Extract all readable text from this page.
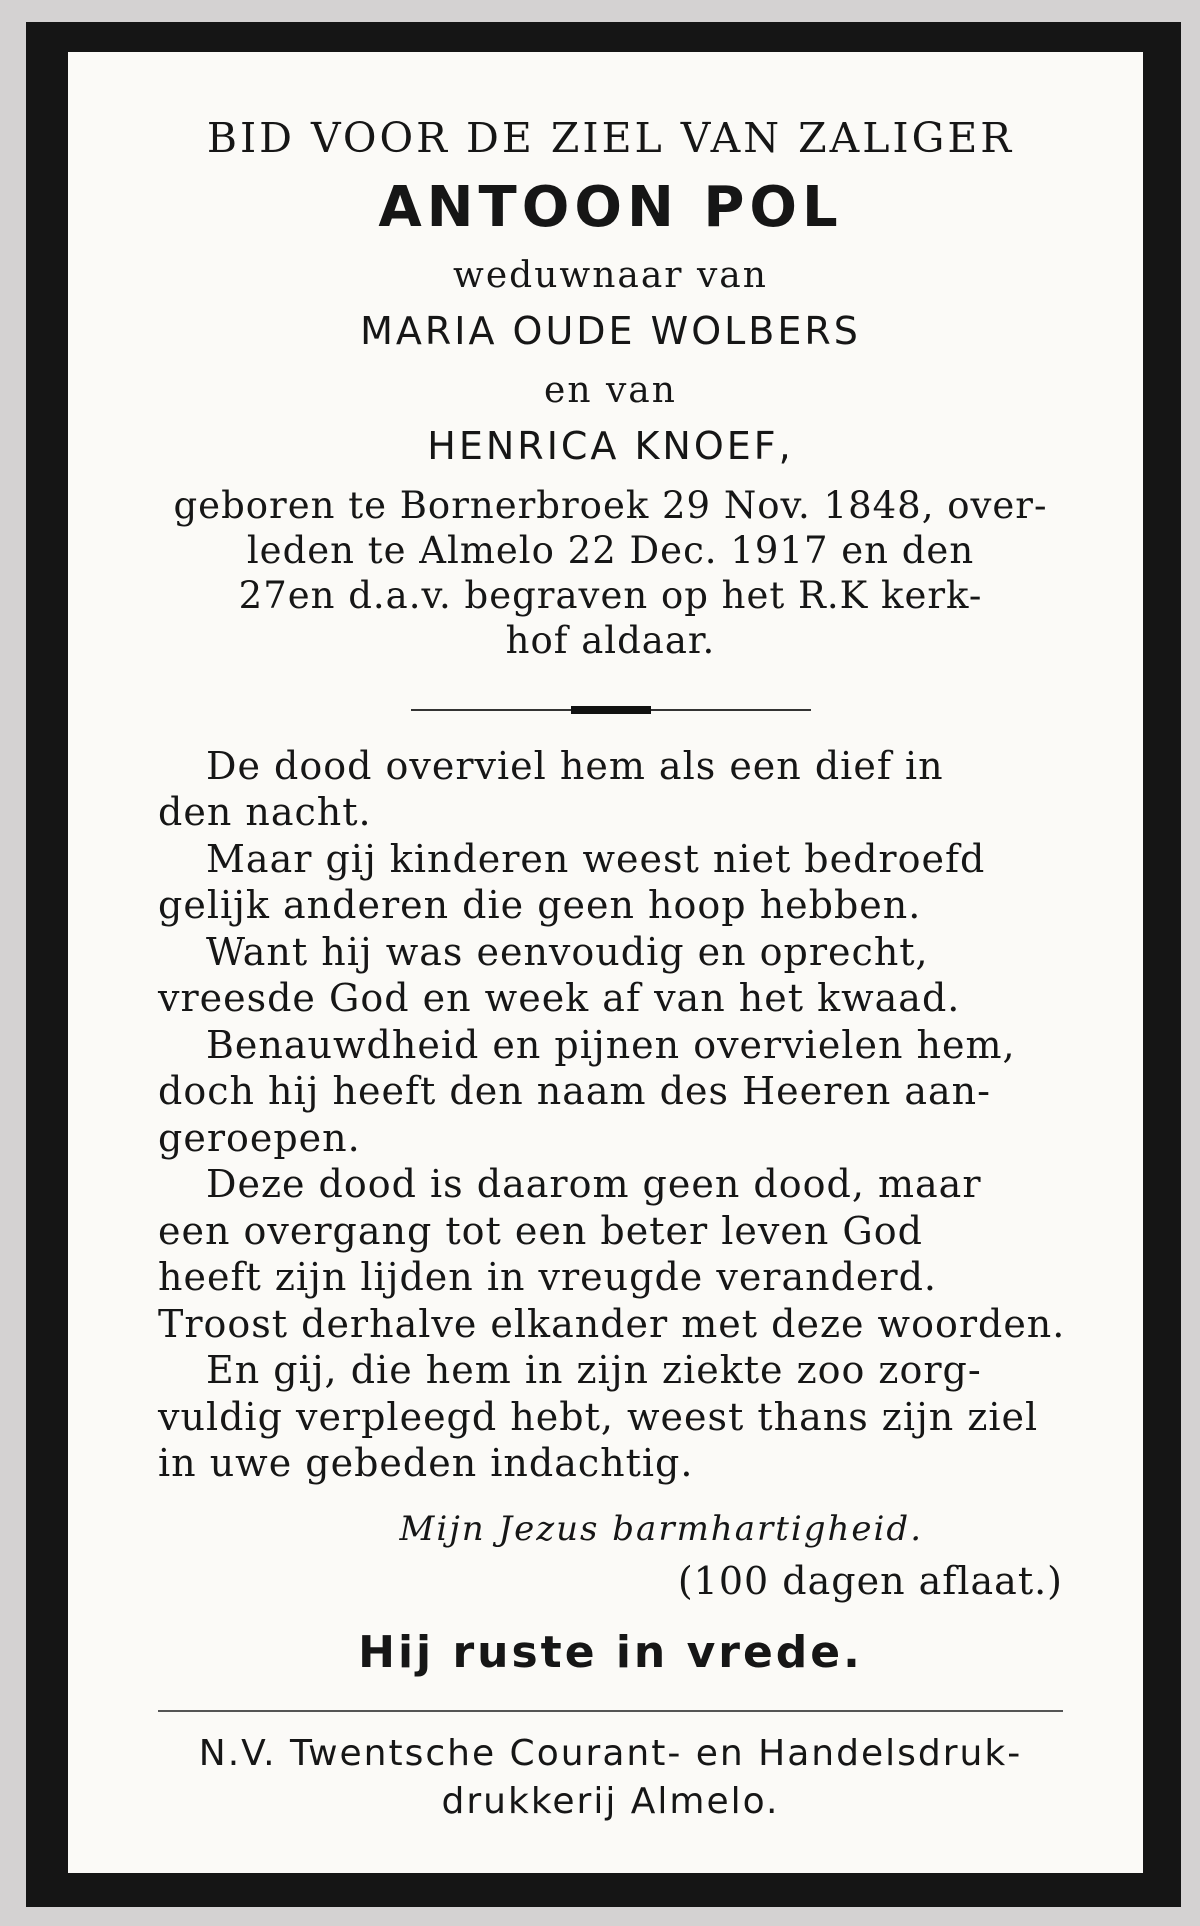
BID VOOR DE ZIEL VAN ZALIGER

ANTOON POL

weduwnaar van

MARIA OUDE WOLBERS

en van

HENRICA KNOEF,

geboren te Bornerbroek 29 Nov. 1848, over-
leden te Almelo 22 Dec. 1917 en den
27en d.a.v. begraven op het R.K kerk-
hof aldaar.
De dood overviel hem als een dief in
den nacht.
Maar gij kinderen weest niet bedroefd
gelijk anderen die geen hoop hebben.
Want hij was eenvoudig en oprecht,
vreesde God en week af van het kwaad.
Benauwdheid en pijnen overvielen hem,
doch hij heeft den naam des Heeren aan-
geroepen.
Deze dood is daarom geen dood, maar
een overgang tot een beter leven God
heeft zijn lijden in vreugde veranderd.
Troost derhalve elkander met deze woorden.
En gij, die hem in zijn ziekte zoo zorg-
vuldig verpleegd hebt, weest thans zijn ziel
in uwe gebeden indachtig.

Mijn Jezus barmhartigheid.

(100 dagen aflaat.)

Hij ruste in vrede.

N.V. Twentsche Courant- en Handelsdruk-
drukkerij Almelo.
